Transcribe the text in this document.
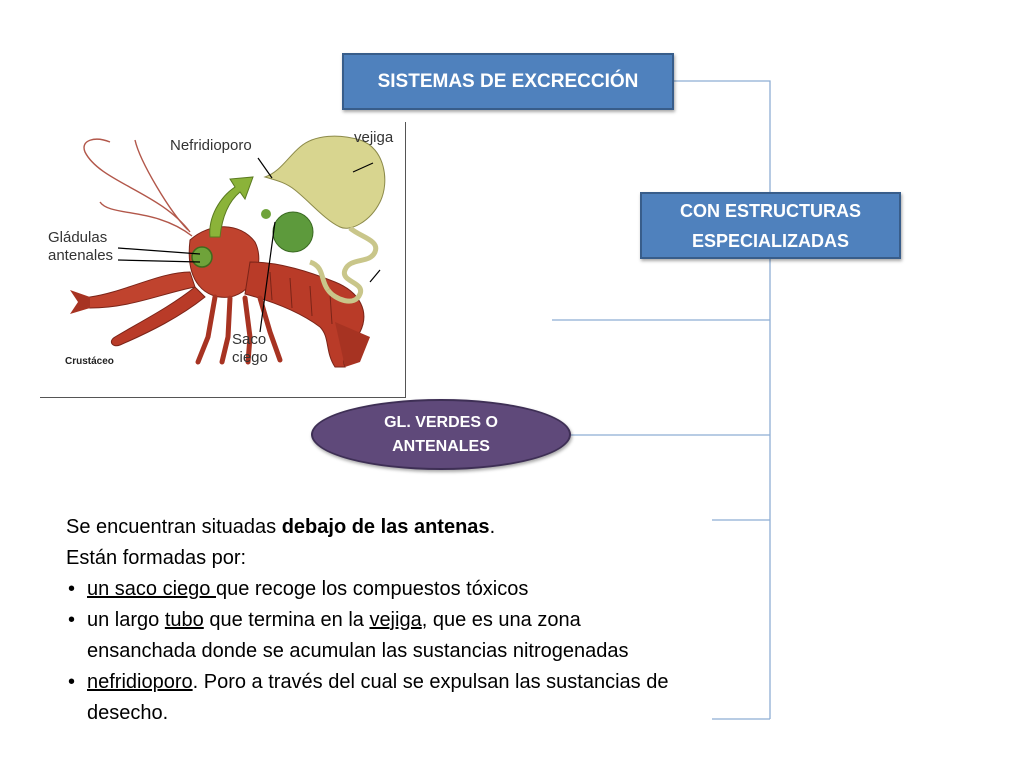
SISTEMAS DE EXCRECCIÓN
CON ESTRUCTURAS
ESPECIALIZADAS
GL. VERDES O
ANTENALES
Nefridioporo	vejiga
Gládulas
antenales
Saco
ciego
Crustáceo

Se encuentran situadas debajo de las antenas.

Están formadas por:

• un saco ciego que recoge los compuestos tóxicos
• un largo tubo que termina en la vejiga, que es una zona ensanchada donde se acumulan las sustancias nitrogenadas
• nefridioporo. Poro a través del cual se expulsan las sustancias de desecho.
